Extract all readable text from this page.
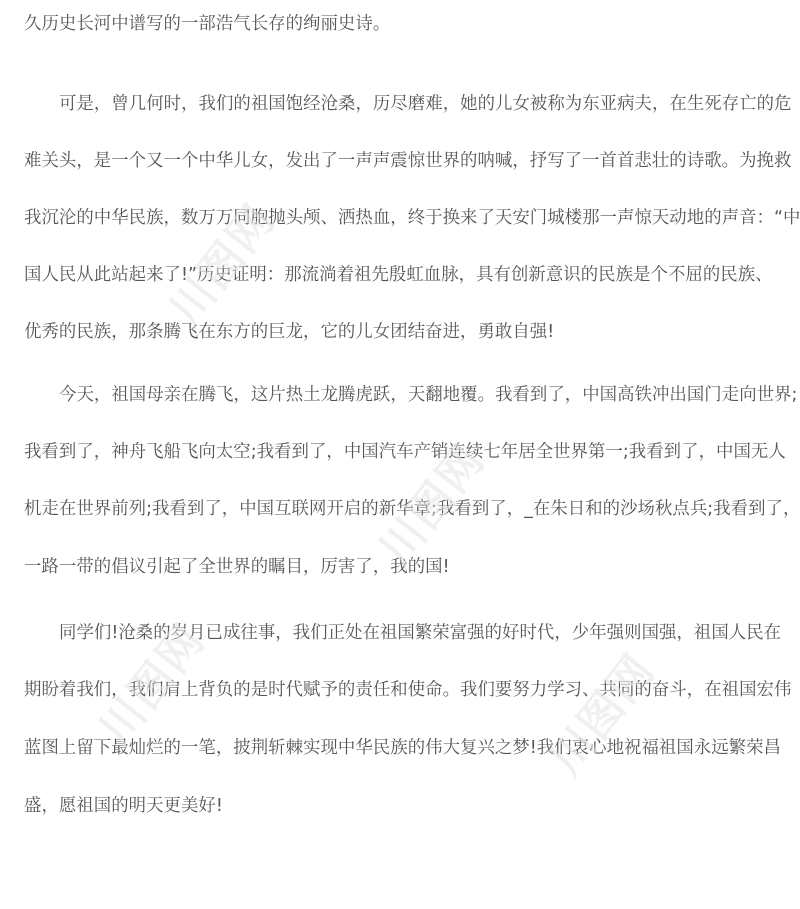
久历史长河中谱写的一部浩气长存的绚丽史诗。
可是，曾几何时，我们的祖国饱经沧桑，历尽磨难，她的儿女被称为东亚病夫，在生死存亡的危
难关头，是一个又一个中华儿女，发出了一声声震惊世界的呐喊，抒写了一首首悲壮的诗歌。为挽救
我沉沦的中华民族，数万万同胞抛头颅、洒热血，终于换来了天安门城楼那一声惊天动地的声音：“中
国人民从此站起来了!”历史证明：那流淌着祖先殷虹血脉，具有创新意识的民族是个不屈的民族、
优秀的民族，那条腾飞在东方的巨龙，它的儿女团结奋进，勇敢自强!
今天，祖国母亲在腾飞，这片热土龙腾虎跃，天翻地覆。我看到了，中国高铁冲出国门走向世界;
我看到了，神舟飞船飞向太空;我看到了，中国汽车产销连续七年居全世界第一;我看到了，中国无人
机走在世界前列;我看到了，中国互联网开启的新华章;我看到了，_在朱日和的沙场秋点兵;我看到了，
一路一带的倡议引起了全世界的瞩目，厉害了，我的国!
同学们!沧桑的岁月已成往事，我们正处在祖国繁荣富强的好时代，少年强则国强，祖国人民在
期盼着我们，我们肩上背负的是时代赋予的责任和使命。我们要努力学习、共同的奋斗，在祖国宏伟
蓝图上留下最灿烂的一笔，披荆斩棘实现中华民族的伟大复兴之梦!我们衷心地祝福祖国永远繁荣昌
盛，愿祖国的明天更美好!
川图网
川图网
川图网	川图网
